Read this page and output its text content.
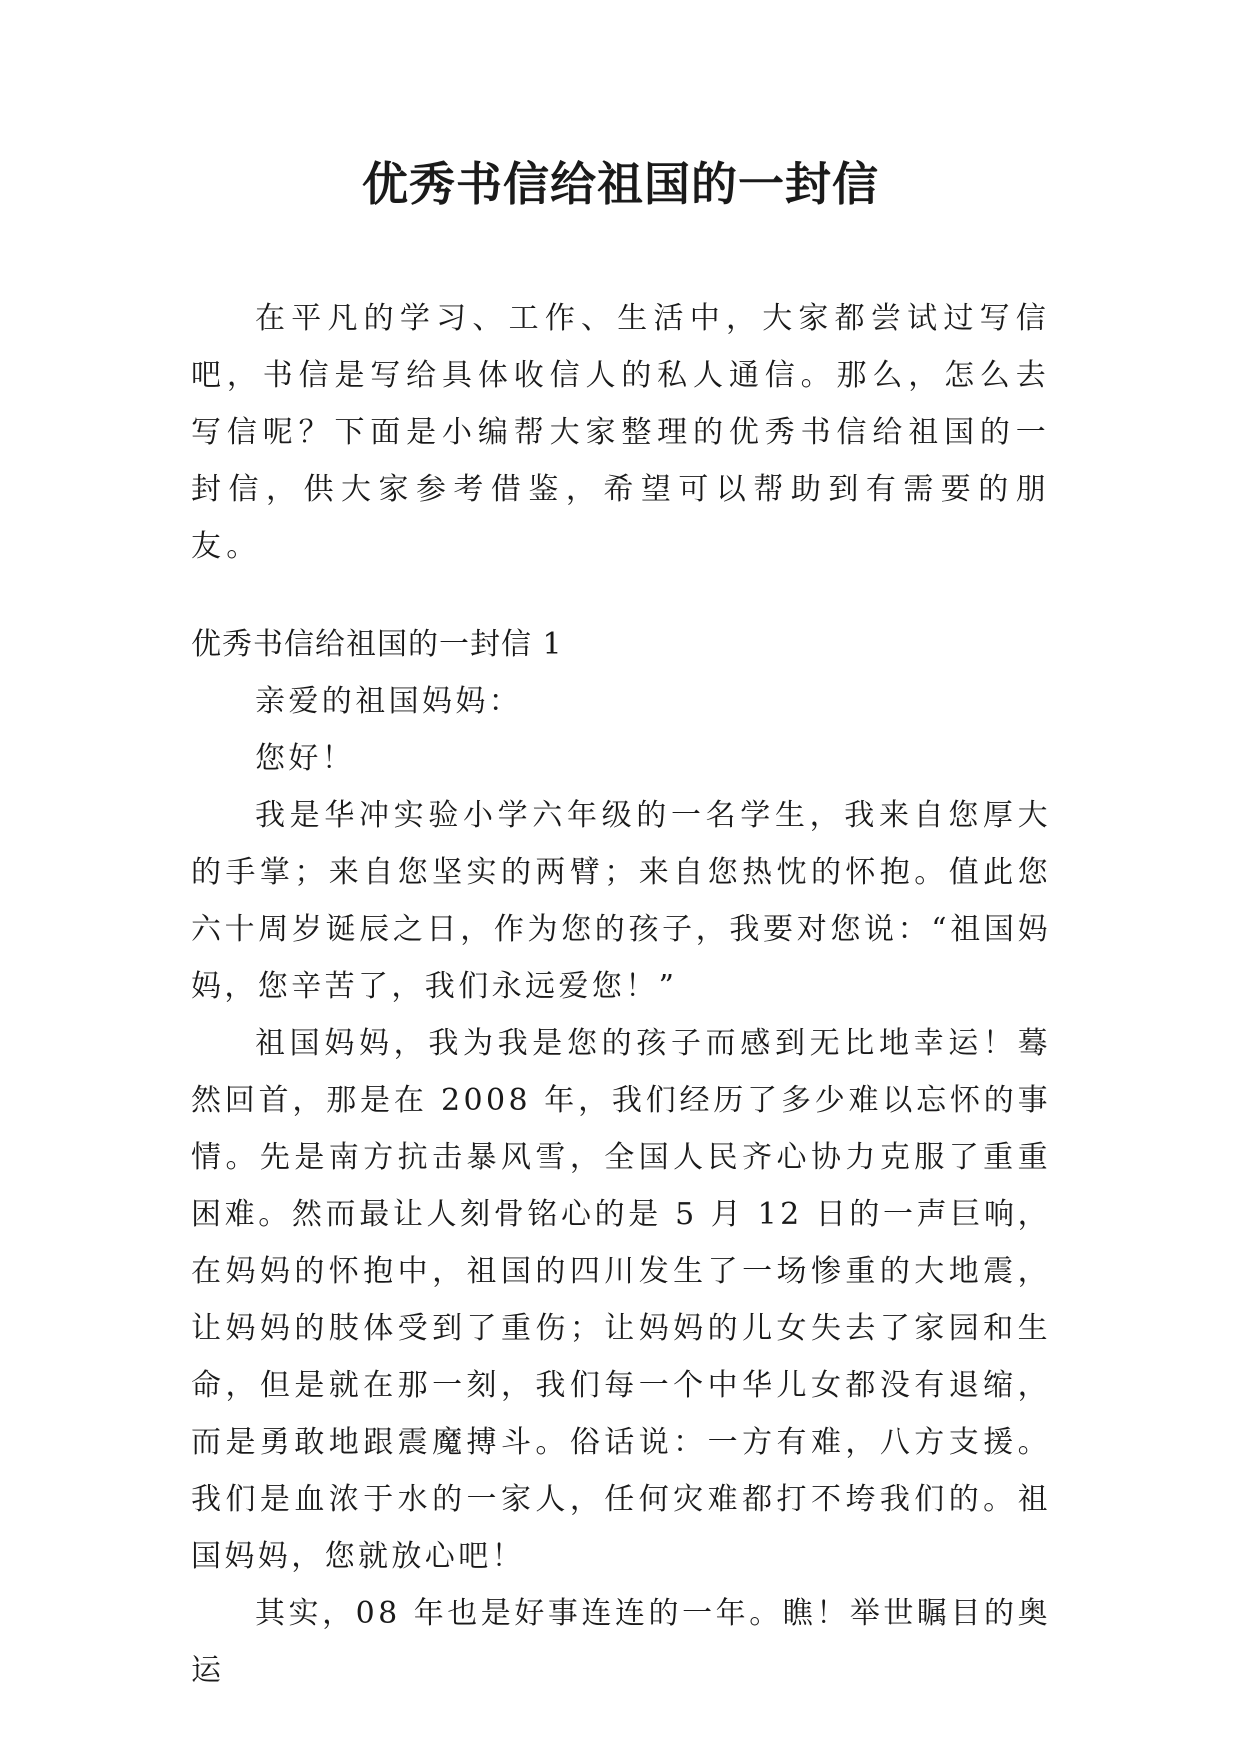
优秀书信给祖国的一封信

在平凡的学习、工作、生活中，大家都尝试过写信吧，书信是写给具体收信人的私人通信。那么，怎么去写信呢？下面是小编帮大家整理的优秀书信给祖国的一封信，供大家参考借鉴，希望可以帮助到有需要的朋友。

优秀书信给祖国的一封信 1

亲爱的祖国妈妈：

您好！

我是华冲实验小学六年级的一名学生，我来自您厚大的手掌；来自您坚实的两臂；来自您热忱的怀抱。值此您六十周岁诞辰之日，作为您的孩子，我要对您说：“祖国妈妈，您辛苦了，我们永远爱您！”

祖国妈妈，我为我是您的孩子而感到无比地幸运！蓦然回首，那是在 2008 年，我们经历了多少难以忘怀的事情。先是南方抗击暴风雪，全国人民齐心协力克服了重重困难。然而最让人刻骨铭心的是 5 月 12 日的一声巨响，在妈妈的怀抱中，祖国的四川发生了一场惨重的大地震，让妈妈的肢体受到了重伤；让妈妈的儿女失去了家园和生命，但是就在那一刻，我们每一个中华儿女都没有退缩，而是勇敢地跟震魔搏斗。俗话说：一方有难，八方支援。我们是血浓于水的一家人，任何灾难都打不垮我们的。祖国妈妈，您就放心吧！

其实，08 年也是好事连连的一年。瞧！举世瞩目的奥运
